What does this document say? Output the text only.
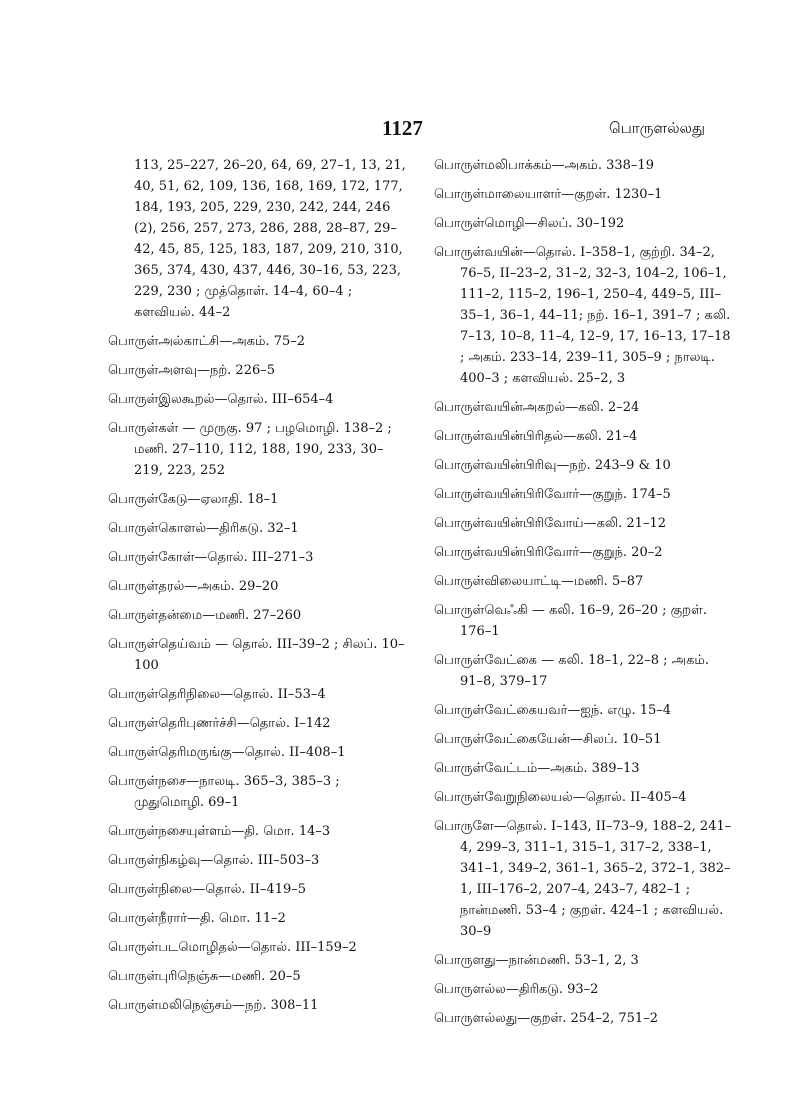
1127	பொருளல்லது
113, 25–227, 26–20, 64, 69, 27–1, 13, 21, 40, 51, 62, 109, 136, 168, 169, 172, 177, 184, 193, 205, 229, 230, 242, 244, 246 (2), 256, 257, 273, 286, 288, 28–87, 29–42, 45, 85, 125, 183, 187, 209, 210, 310, 365, 374, 430, 437, 446, 30–16, 53, 223, 229, 230 ; முத்தொள். 14–4, 60–4 ; களவியல். 44–2
பொருள்அல்காட்சி—அகம். 75–2
பொருள்அளவு—நற். 226–5
பொருள்இலகூறல்—தொல். III–654–4
பொருள்கள் — முருகு. 97 ; பழமொழி. 138–2 ; மணி. 27–110, 112, 188, 190, 233, 30–219, 223, 252
பொருள்கேடு—ஏலாதி. 18–1
பொருள்கொளல்—திரிகடு. 32–1
பொருள்கோள்—தொல். III–271–3
பொருள்தரல்—அகம். 29–20
பொருள்தன்மை—மணி. 27–260
பொருள்தெய்வம் — தொல். III–39–2 ; சிலப். 10–100
பொருள்தெரிநிலை—தொல். II–53–4
பொருள்தெரிபுணர்ச்சி—தொல். I–142
பொருள்தெரிமருங்கு—தொல். II–408–1
பொருள்நசை—நாலடி. 365–3, 385–3 ; முதுமொழி. 69–1
பொருள்நசையுள்ளம்—தி. மொ. 14–3
பொருள்நிகழ்வு—தொல். III–503–3
பொருள்நிலை—தொல். II–419–5
பொருள்நீரார்—தி. மொ. 11–2
பொருள்படமொழிதல்—தொல். III–159–2
பொருள்புரிநெஞ்சு—மணி. 20–5
பொருள்மலிநெஞ்சம்—நற். 308–11
பொருள்மலிபாக்கம்—அகம். 338–19
பொருள்மாலையாளர்—குறள். 1230–1
பொருள்மொழி—சிலப். 30–192
பொருள்வயின்—தொல். I–358–1, குற்றி. 34–2, 76–5, II–23–2, 31–2, 32–3, 104–2, 106–1, 111–2, 115–2, 196–1, 250–4, 449–5, III–35–1, 36–1, 44–11; நற். 16–1, 391–7 ; கலி. 7–13, 10–8, 11–4, 12–9, 17, 16–13, 17–18 ; அகம். 233–14, 239–11, 305–9 ; நாலடி. 400–3 ; களவியல். 25–2, 3
பொருள்வயின்அகறல்—கலி. 2–24
பொருள்வயின்பிரிதல்—கலி. 21–4
பொருள்வயின்பிரிவு—நற். 243–9 & 10
பொருள்வயின்பிரிவோர்—குறுந். 174–5
பொருள்வயின்பிரிவோய்—கலி. 21–12
பொருள்வயின்பிரிவோர்—குறுந். 20–2
பொருள்விலையாட்டி—மணி. 5–87
பொருள்வெஃகி — கலி. 16–9, 26–20 ; குறள். 176–1
பொருள்வேட்கை — கலி. 18–1, 22–8 ; அகம். 91–8, 379–17
பொருள்வேட்கையவர்—ஐந். எழு. 15–4
பொருள்வேட்கையேன்—சிலப். 10–51
பொருள்வேட்டம்—அகம். 389–13
பொருள்வேறுநிலையல்—தொல். II–405–4
பொருளே—தொல். I–143, II–73–9, 188–2, 241–4, 299–3, 311–1, 315–1, 317–2, 338–1, 341–1, 349–2, 361–1, 365–2, 372–1, 382–1, III–176–2, 207–4, 243–7, 482–1 ; நான்மணி. 53–4 ; குறள். 424–1 ; களவியல். 30–9
பொருளது—நான்மணி. 53–1, 2, 3
பொருளல்ல—திரிகடு. 93–2
பொருளல்லது—குறள். 254–2, 751–2
